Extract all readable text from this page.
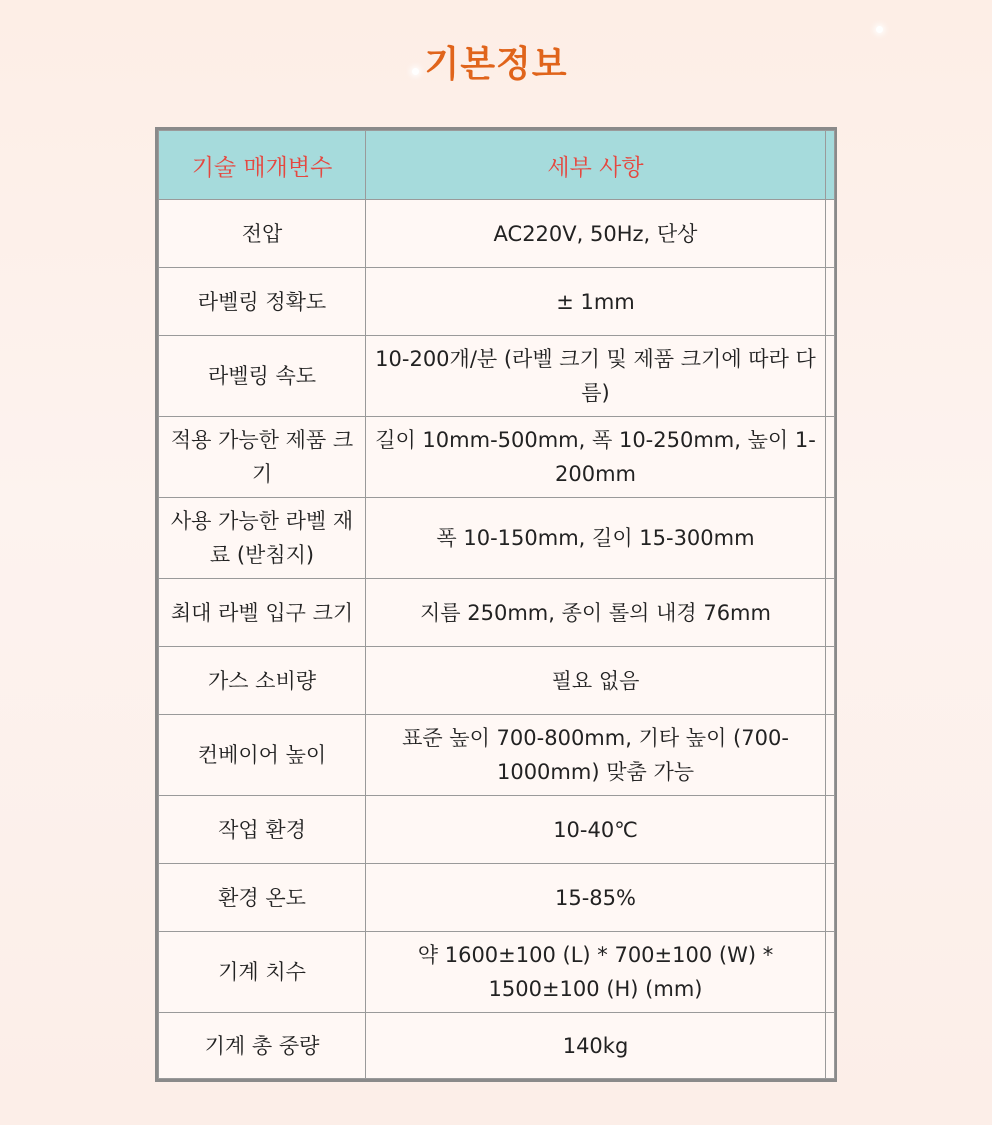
기본정보
기술 매개변수	세부 사항	
전압	AC220V, 50Hz, 단상	
라벨링 정확도	± 1mm	
라벨링 속도	10-200개/분 (라벨 크기 및 제품 크기에 따라 다름)	
적용 가능한 제품 크기	길이 10mm-500mm, 폭 10-250mm, 높이 1-200mm	
사용 가능한 라벨 재료 (받침지)	폭 10-150mm, 길이 15-300mm	
최대 라벨 입구 크기	지름 250mm, 종이 롤의 내경 76mm	
가스 소비량	필요 없음	
컨베이어 높이	표준 높이 700-800mm, 기타 높이 (700-1000mm) 맞춤 가능	
작업 환경	10-40℃	
환경 온도	15-85%	
기계 치수	약 1600±100 (L) * 700±100 (W) * 1500±100 (H) (mm)	
기계 총 중량	140kg	
